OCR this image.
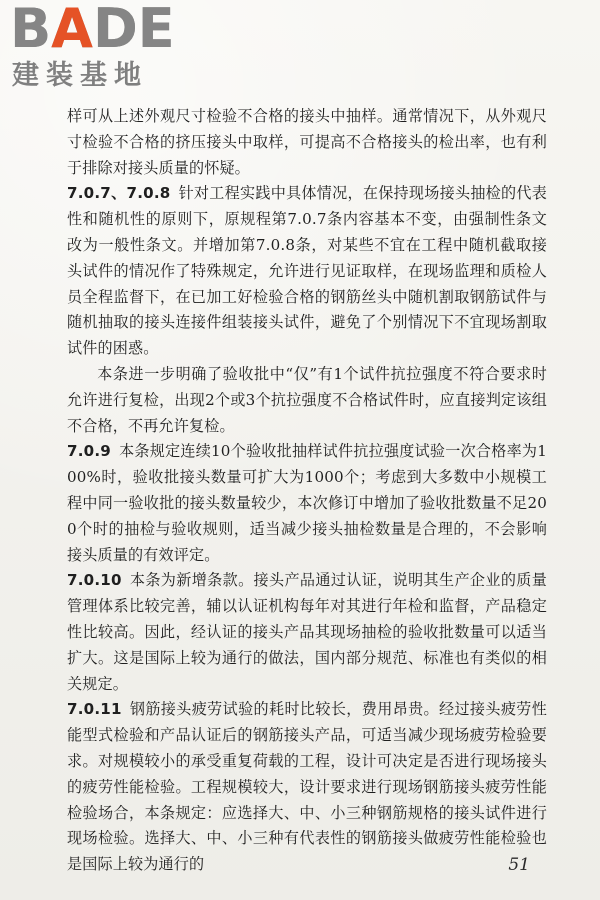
BADE
建装基地

样可从上述外观尺寸检验不合格的接头中抽样。通常情况下，从外观尺寸检验不合格的挤压接头中取样，可提高不合格接头的检出率，也有利于排除对接头质量的怀疑。

7.0.7、7.0.8 针对工程实践中具体情况，在保持现场接头抽检的代表性和随机性的原则下，原规程第7.0.7条内容基本不变，由强制性条文改为一般性条文。并增加第7.0.8条，对某些不宜在工程中随机截取接头试件的情况作了特殊规定，允许进行见证取样，在现场监理和质检人员全程监督下，在已加工好检验合格的钢筋丝头中随机割取钢筋试件与随机抽取的接头连接件组装接头试件，避免了个别情况下不宜现场割取试件的困惑。

本条进一步明确了验收批中“仅”有1个试件抗拉强度不符合要求时允许进行复检，出现2个或3个抗拉强度不合格试件时，应直接判定该组不合格，不再允许复检。

7.0.9 本条规定连续10个验收批抽样试件抗拉强度试验一次合格率为100%时，验收批接头数量可扩大为1000个；考虑到大多数中小规模工程中同一验收批的接头数量较少，本次修订中增加了验收批数量不足200个时的抽检与验收规则，适当减少接头抽检数量是合理的，不会影响接头质量的有效评定。

7.0.10 本条为新增条款。接头产品通过认证，说明其生产企业的质量管理体系比较完善，辅以认证机构每年对其进行年检和监督，产品稳定性比较高。因此，经认证的接头产品其现场抽检的验收批数量可以适当扩大。这是国际上较为通行的做法，国内部分规范、标准也有类似的相关规定。

7.0.11 钢筋接头疲劳试验的耗时比较长，费用昂贵。经过接头疲劳性能型式检验和产品认证后的钢筋接头产品，可适当减少现场疲劳检验要求。对规模较小的承受重复荷载的工程，设计可决定是否进行现场接头的疲劳性能检验。工程规模较大，设计要求进行现场钢筋接头疲劳性能检验场合，本条规定：应选择大、中、小三种钢筋规格的接头试件进行现场检验。选择大、中、小三种有代表性的钢筋接头做疲劳性能检验也是国际上较为通行的	51
